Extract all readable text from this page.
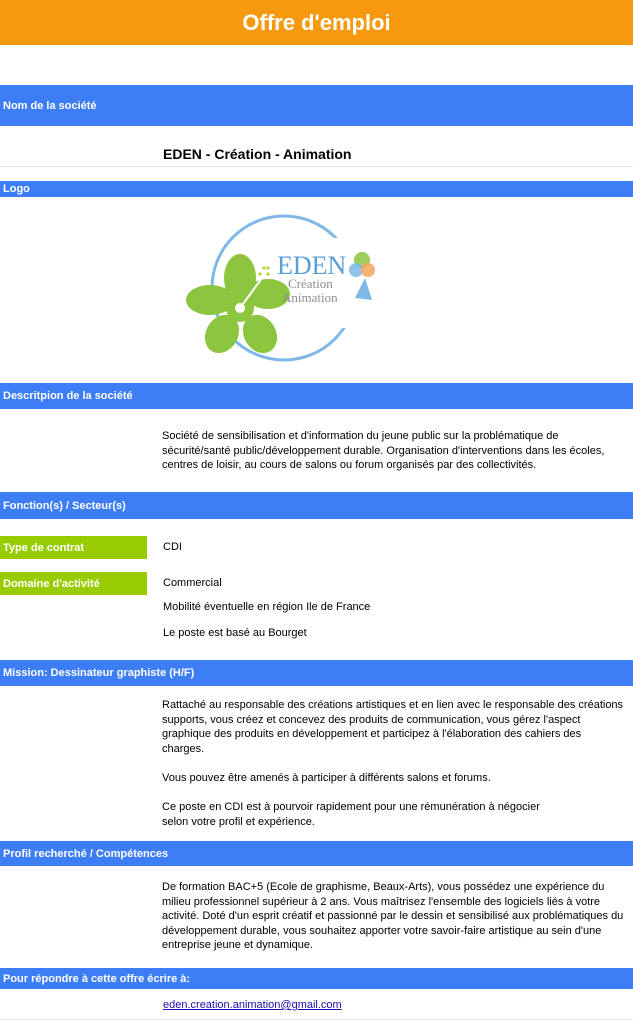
Offre d'emploi
Nom de la société
EDEN - Création - Animation
Logo
EDEN
Création
Animation
Descritpion de la société
Société de sensibilisation et d'information du jeune public sur la problématique de sécurité/santé public/développement durable. Organisation d'interventions dans les écoles, centres de loisir, au cours de salons ou forum organisés par des collectivités.
Fonction(s) / Secteur(s)
Type de contrat	CDI
Domaine d'activité	Commercial
Mobilité éventuelle en région Ile de France
Le poste est basé au Bourget
Mission: Dessinateur graphiste (H/F)
Rattaché au responsable des créations artistiques et en lien avec le responsable des créations supports, vous créez et concevez des produits de communication, vous gérez l'aspect graphique des produits en développement et participez à l'élaboration des cahiers des charges.
Vous pouvez être amenés à participer à différents salons et forums.
Ce poste en CDI est à pourvoir rapidement pour une rémunération à négocier selon votre profil et expérience.
Profil recherché / Compétences
De formation BAC+5 (Ecole de graphisme, Beaux-Arts), vous possédez une expérience du milieu professionnel supérieur à 2 ans. Vous maîtrisez l'ensemble des logiciels liés à votre activité. Doté d'un esprit créatif et passionné par le dessin et sensibilisé aux problématiques du développement durable, vous souhaitez apporter votre savoir-faire artistique au sein d'une entreprise jeune et dynamique.
Pour répondre à cette offre écrire à:
eden.creation.animation@gmail.com
